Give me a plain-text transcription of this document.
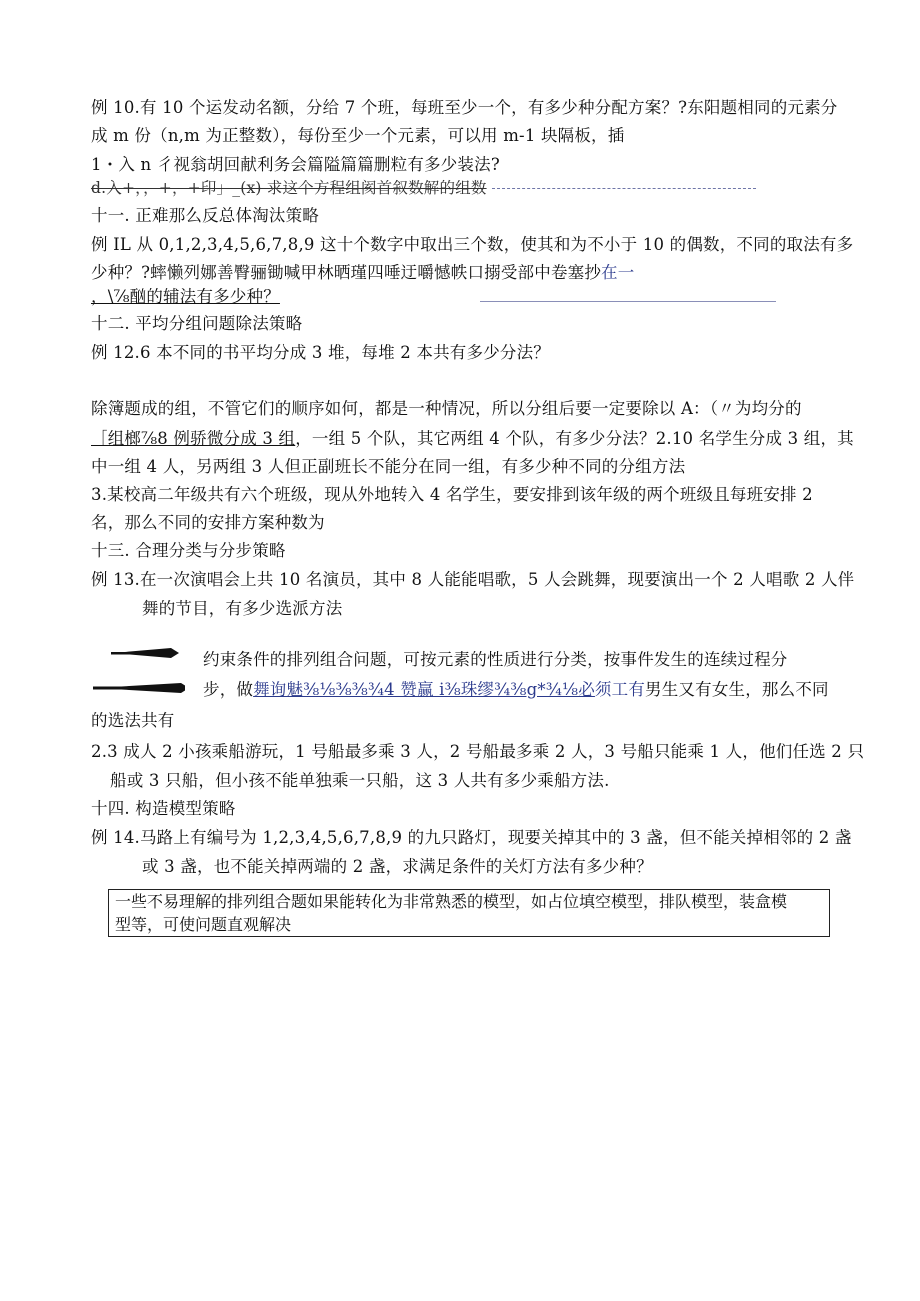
例 10.有 10 个运发动名额，分给 7 个班，每班至少一个，有多少种分配方案？?东阳题相同的元素分
成 m 份（n,m 为正整数），每份至少一个元素，可以用 m-1 块隔板，插
1・入 n 彳视翁胡回献利务会篇隘篇篇删粒有多少装法?
d.入+，，+，+印」_(x) 求这个方程组阂首叙数解的组数
十一. 正难那么反总体淘汰策略
例 IL 从 0,1,2,3,4,5,6,7,8,9 这十个数字中取出三个数，使其和为不小于 10 的偶数，不同的取法有多
少种？?蟀懒列娜善臀骊锄喊甲林晒瑾四唾迂嚼憾帙口搦受部中卷塞抄在一
，\⅞酗的辅法有多少种？
十二. 平均分组问题除法策略
例 12.6 本不同的书平均分成 3 堆，每堆 2 本共有多少分法？
除簿题成的组，不管它们的顺序如何，都是一种情况，所以分组后要一定要除以 A：（〃为均分的
［组榔⅞8 例骄微分成 3 组，一组 5 个队，其它两组 4 个队，有多少分法？2.10 名学生分成 3 组，其
中一组 4 人，另两组 3 人但正副班长不能分在同一组，有多少种不同的分组方法
3.某校高二年级共有六个班级，现从外地转入 4 名学生，要安排到该年级的两个班级且每班安排 2
名，那么不同的安排方案种数为
十三. 合理分类与分步策略
例 13.在一次演唱会上共 10 名演员，其中 8 人能能唱歌，5 人会跳舞，现要演出一个 2 人唱歌 2 人伴
舞的节目，有多少选派方法
约束条件的排列组合问题，可按元素的性质进行分类，按事件发生的连续过程分
步，做舞询魅⅜⅛⅜⅜¾4 赞赢 i⅜珠缪¾⅜g*¾⅛必须工有男生又有女生，那么不同
的选法共有
2.3 成人 2 小孩乘船游玩，1 号船最多乘 3 人，2 号船最多乘 2 人，3 号船只能乘 1 人，他们任选 2 只
船或 3 只船，但小孩不能单独乘一只船，这 3 人共有多少乘船方法.
十四. 构造模型策略
例 14.马路上有编号为 1,2,3,4,5,6,7,8,9 的九只路灯，现要关掉其中的 3 盏，但不能关掉相邻的 2 盏
或 3 盏，也不能关掉两端的 2 盏，求满足条件的关灯方法有多少种？
一些不易理解的排列组合题如果能转化为非常熟悉的模型，如占位填空模型，排队模型，装盒模
型等，可使问题直观解决
